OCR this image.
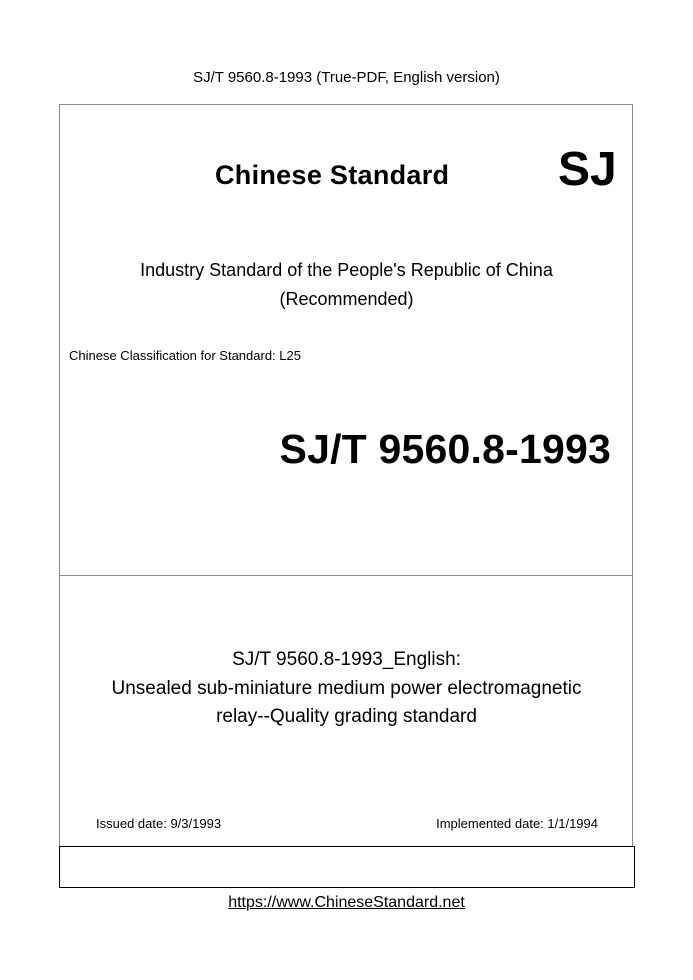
SJ/T 9560.8-1993 (True-PDF, English version)
Chinese Standard SJ
Industry Standard of the People's Republic of China
(Recommended)
Chinese Classification for Standard: L25
SJ/T 9560.8-1993
SJ/T 9560.8-1993_English:
Unsealed sub-miniature medium power electromagnetic
relay--Quality grading standard
Issued date: 9/3/1993	Implemented date: 1/1/1994
https://www.ChineseStandard.net
